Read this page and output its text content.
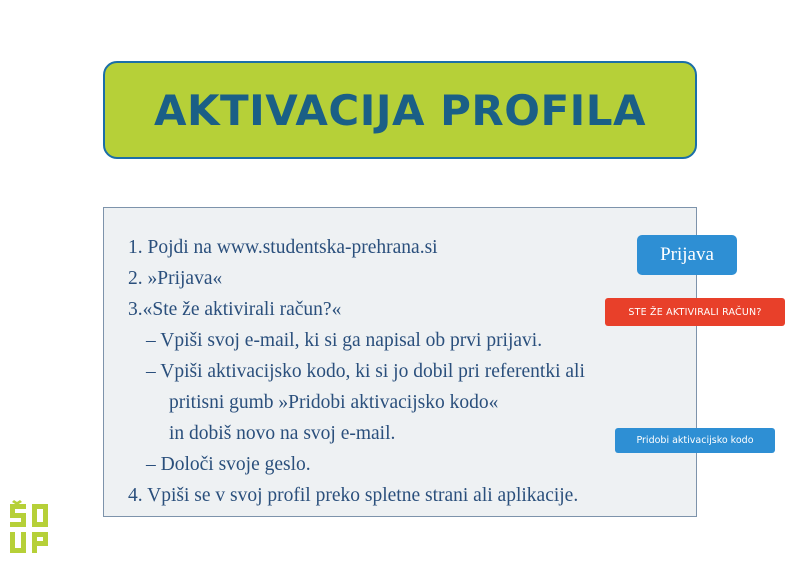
AKTIVACIJA PROFILA
1. Pojdi na www.studentska-prehrana.si
2. »Prijava«
3.«Ste že aktivirali račun?«
– Vpiši svoj e-mail, ki si ga napisal ob prvi prijavi.
– Vpiši aktivacijsko kodo, ki si jo dobil pri referentki ali
pritisni gumb »Pridobi aktivacijsko kodo«
in dobiš novo na svoj e-mail.
– Določi svoje geslo.
4. Vpiši se v svoj profil preko spletne strani ali aplikacije.
Prijava
STE ŽE AKTIVIRALI RAČUN?
Pridobi aktivacijsko kodo
